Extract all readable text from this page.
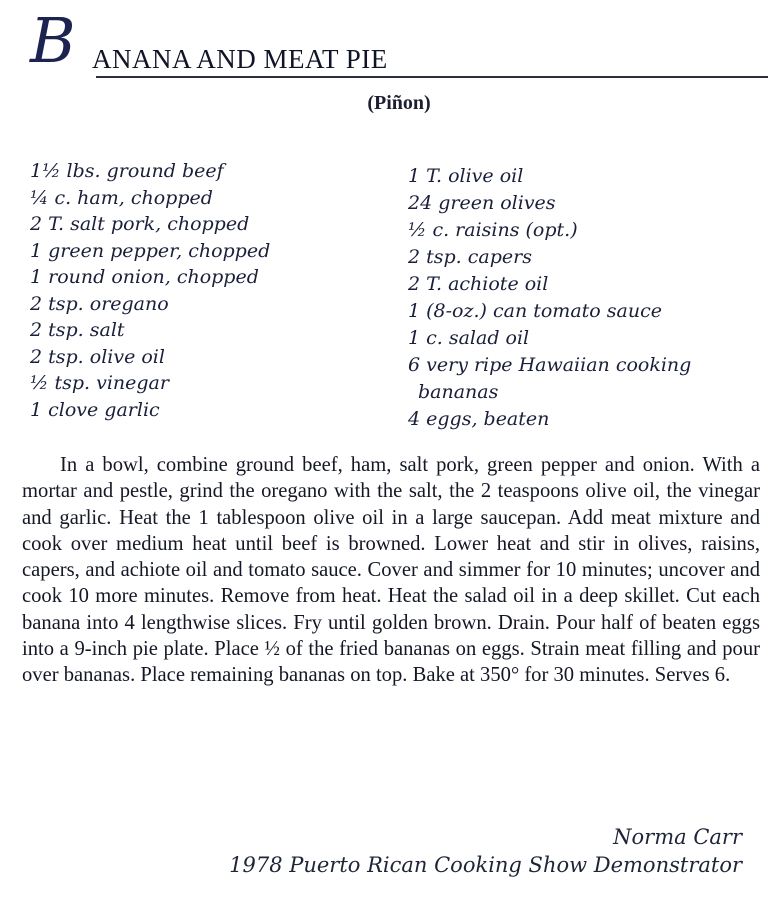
B ANANA AND MEAT PIE
(Piñon)
1½ lbs. ground beef
¼ c. ham, chopped
2 T. salt pork, chopped
1 green pepper, chopped
1 round onion, chopped
2 tsp. oregano
2 tsp. salt
2 tsp. olive oil
½ tsp. vinegar
1 clove garlic
1 T. olive oil
24 green olives
½ c. raisins (opt.)
2 tsp. capers
2 T. achiote oil
1 (8-oz.) can tomato sauce
1 c. salad oil
6 very ripe Hawaiian cooking
bananas
4 eggs, beaten

In a bowl, combine ground beef, ham, salt pork, green pepper and onion. With a mortar and pestle, grind the oregano with the salt, the 2 teaspoons olive oil, the vinegar and garlic. Heat the 1 tablespoon olive oil in a large saucepan. Add meat mixture and cook over medium heat until beef is browned. Lower heat and stir in olives, raisins, capers, and achiote oil and tomato sauce. Cover and simmer for 10 minutes; uncover and cook 10 more minutes. Remove from heat. Heat the salad oil in a deep skillet. Cut each banana into 4 lengthwise slices. Fry until golden brown. Drain. Pour half of beaten eggs into a 9-inch pie plate. Place ½ of the fried bananas on eggs. Strain meat filling and pour over bananas. Place remaining bananas on top. Bake at 350° for 30 minutes. Serves 6.

Norma Carr
1978 Puerto Rican Cooking Show Demonstrator
